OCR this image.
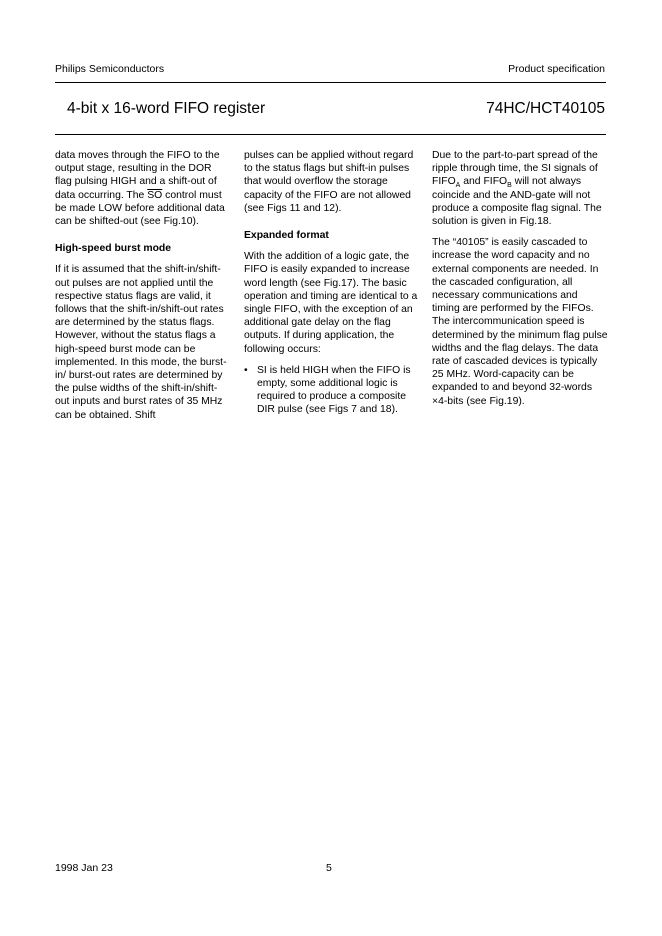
Philips Semiconductors	Product specification
4-bit x 16-word FIFO register	74HC/HCT40105

data moves through the FIFO to the output stage, resulting in the DOR flag pulsing HIGH and a shift-out of data occurring. The $\overline{SO}$ control must be made LOW before additional data can be shifted-out (see Fig.10).

High-speed burst mode

If it is assumed that the shift-in/shift-out pulses are not applied until the respective status flags are valid, it follows that the shift-in/shift-out rates are determined by the status flags. However, without the status flags a high-speed burst mode can be implemented. In this mode, the burst-in/ burst-out rates are determined by the pulse widths of the shift-in/shift-out inputs and burst rates of 35 MHz can be obtained. Shift

pulses can be applied without regard to the status flags but shift-in pulses that would overflow the storage capacity of the FIFO are not allowed (see Figs 11 and 12).

Expanded format

With the addition of a logic gate, the FIFO is easily expanded to increase word length (see Fig.17). The basic operation and timing are identical to a single FIFO, with the exception of an additional gate delay on the flag outputs. If during application, the following occurs:

• SI is held HIGH when the FIFO is empty, some additional logic is required to produce a composite DIR pulse (see Figs 7 and 18).

Due to the part-to-part spread of the ripple through time, the SI signals of $FIFO_A$ and $FIFO_B$ will not always coincide and the AND-gate will not produce a composite flag signal. The solution is given in Fig.18.

The “40105” is easily cascaded to increase the word capacity and no external components are needed. In the cascaded configuration, all necessary communications and timing are performed by the FIFOs. The intercommunication speed is determined by the minimum flag pulse widths and the flag delays. The data rate of cascaded devices is typically 25 MHz. Word-capacity can be expanded to and beyond 32-words ×4-bits (see Fig.19).

1998 Jan 23	5
